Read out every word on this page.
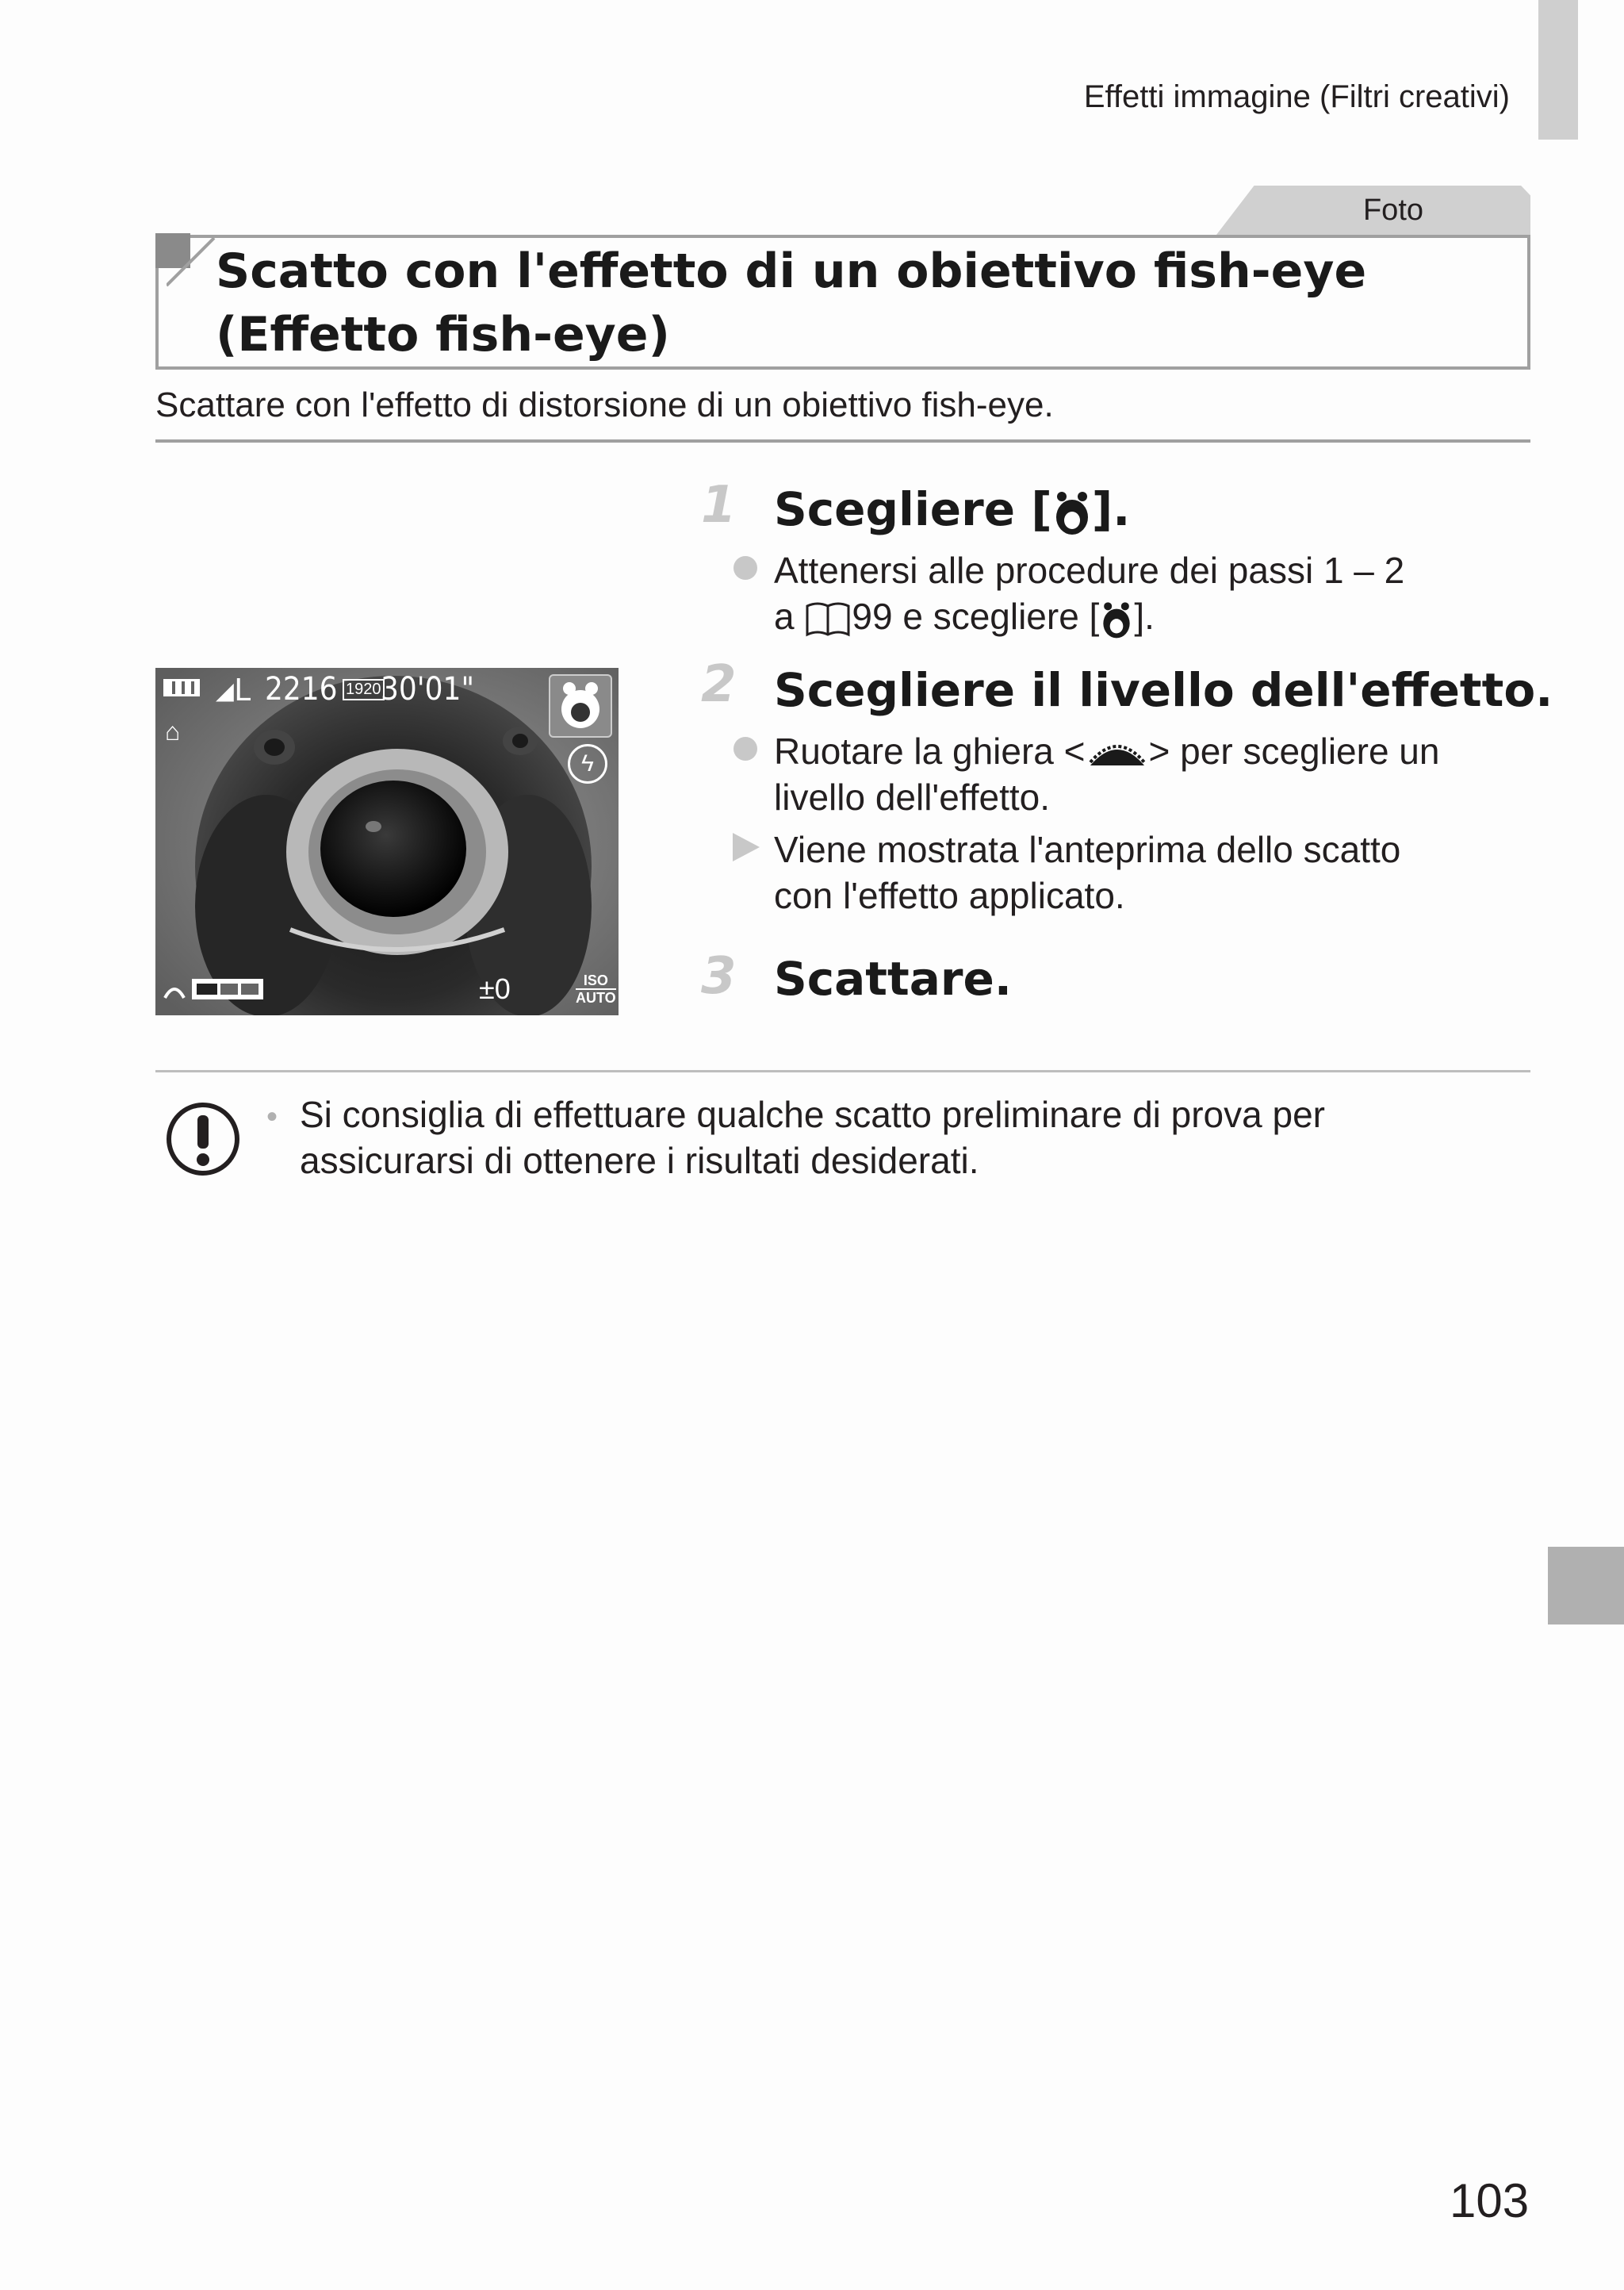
Effetti immagine (Filtri creativi)
Foto
Scatto con l'effetto di un obiettivo fish-eye
(Effetto fish-eye)
Scattare con l'effetto di distorsione di un obiettivo fish-eye.
◢L 2216 1920 30'01"
⌂
ϟ
±0	ISO
AUTO
1 Scegliere [ ].
Attenersi alle procedure dei passi 1 – 2
a 99 e scegliere [ ].
2 Scegliere il livello dell'effetto.
Ruotare la ghiera < > per scegliere un
livello dell'effetto.
Viene mostrata l'anteprima dello scatto
con l'effetto applicato.
3 Scattare.
• Si consiglia di effettuare qualche scatto preliminare di prova per
assicurarsi di ottenere i risultati desiderati.
103
